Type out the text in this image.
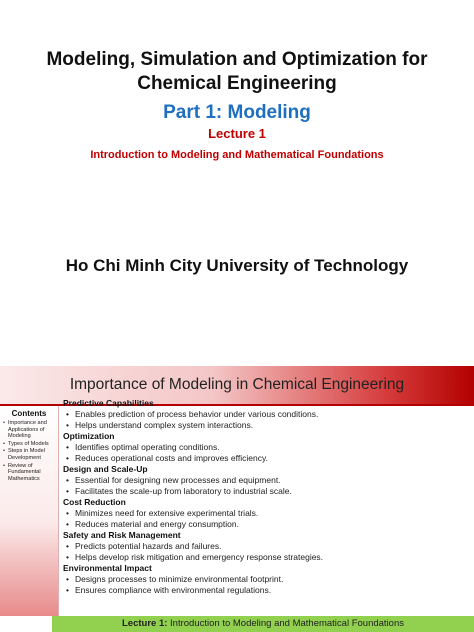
Modeling, Simulation and Optimization for
Chemical Engineering
Part 1: Modeling
Lecture 1
Introduction to Modeling and Mathematical Foundations
Ho Chi Minh City University of Technology
Importance of Modeling in Chemical Engineering
Contents
• Importance and Applications of Modeling
• Types of Models
• Steps in Model Development
• Review of Fundamental Mathematics
Predictive Capabilities
• Enables prediction of process behavior under various conditions.
• Helps understand complex system interactions.
Optimization
• Identifies optimal operating conditions.
• Reduces operational costs and improves efficiency.
Design and Scale-Up
• Essential for designing new processes and equipment.
• Facilitates the scale-up from laboratory to industrial scale.
Cost Reduction
• Minimizes need for extensive experimental trials.
• Reduces material and energy consumption.
Safety and Risk Management
• Predicts potential hazards and failures.
• Helps develop risk mitigation and emergency response strategies.
Environmental Impact
• Designs processes to minimize environmental footprint.
• Ensures compliance with environmental regulations.
Lecture 1: Introduction to Modeling and Mathematical Foundations
